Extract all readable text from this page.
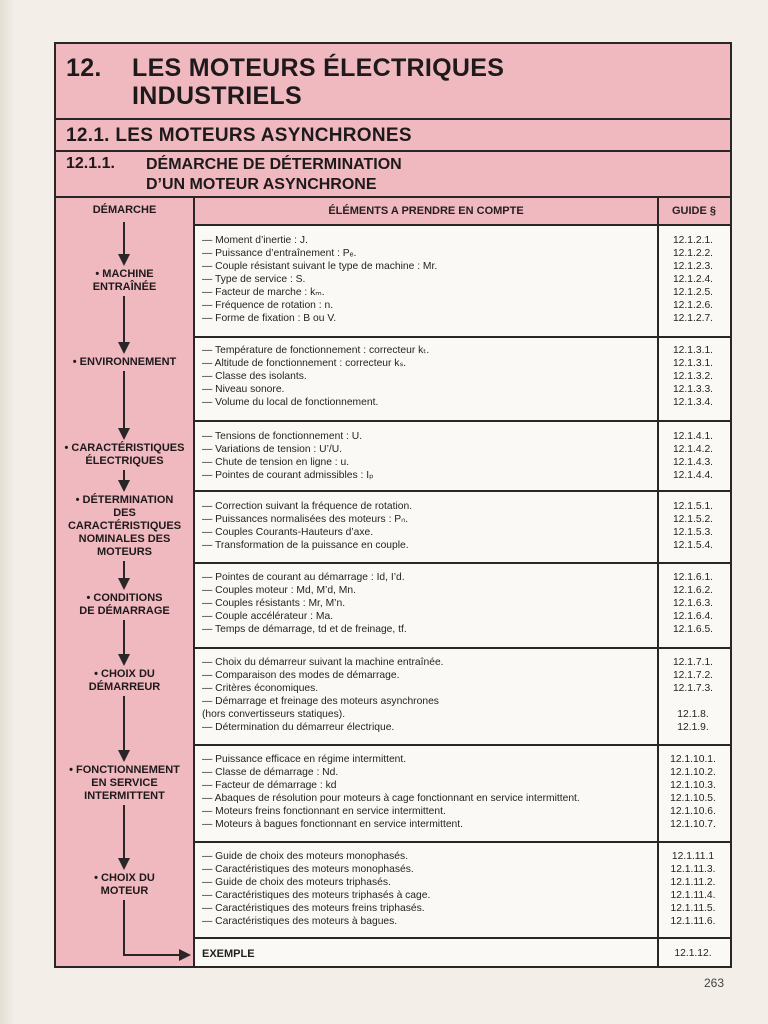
12. LES MOTEURS ÉLECTRIQUES
INDUSTRIELS
12.1. LES MOTEURS ASYNCHRONES
12.1.1. DÉMARCHE DE DÉTERMINATION
D’UN MOTEUR ASYNCHRONE
DÉMARCHE
• MACHINE
ENTRAÎNÉE
• ENVIRONNEMENT
• CARACTÉRISTIQUES
ÉLECTRIQUES
• DÉTERMINATION
DES
CARACTÉRISTIQUES
NOMINALES DES
MOTEURS
• CONDITIONS
DE DÉMARRAGE
• CHOIX DU
DÉMARREUR
• FONCTIONNEMENT
EN SERVICE
INTERMITTENT
• CHOIX DU
MOTEUR
ÉLÉMENTS A PRENDRE EN COMPTE	GUIDE §
— Moment d’inertie : J.
— Puissance d’entraînement : Pₑ.
— Couple résistant suivant le type de machine : Mr.
— Type de service : S.
— Facteur de marche : kₘ.
— Fréquence de rotation : n.
— Forme de fixation : B ou V.
12.1.2.1.
12.1.2.2.
12.1.2.3.
12.1.2.4.
12.1.2.5.
12.1.2.6.
12.1.2.7.
— Température de fonctionnement : correcteur kₜ.
— Altitude de fonctionnement : correcteur kₛ.
— Classe des isolants.
— Niveau sonore.
— Volume du local de fonctionnement.
12.1.3.1.
12.1.3.1.
12.1.3.2.
12.1.3.3.
12.1.3.4.
— Tensions de fonctionnement : U.
— Variations de tension : U’/U.
— Chute de tension en ligne : u.
— Pointes de courant admissibles : Iₚ
12.1.4.1.
12.1.4.2.
12.1.4.3.
12.1.4.4.
— Correction suivant la fréquence de rotation.
— Puissances normalisées des moteurs : Pₙ.
— Couples Courants-Hauteurs d’axe.
— Transformation de la puissance en couple.
12.1.5.1.
12.1.5.2.
12.1.5.3.
12.1.5.4.
— Pointes de courant au démarrage : Id, I’d.
— Couples moteur : Md, M’d, Mn.
— Couples résistants : Mr, M’n.
— Couple accélérateur : Ma.
— Temps de démarrage, td et de freinage, tf.
12.1.6.1.
12.1.6.2.
12.1.6.3.
12.1.6.4.
12.1.6.5.
— Choix du démarreur suivant la machine entraînée.
— Comparaison des modes de démarrage.
— Critères économiques.
— Démarrage et freinage des moteurs asynchrones
(hors convertisseurs statiques).
— Détermination du démarreur électrique.
12.1.7.1.
12.1.7.2.
12.1.7.3.
12.1.8.
12.1.9.
— Puissance efficace en régime intermittent.
— Classe de démarrage : Nd.
— Facteur de démarrage : kd
— Abaques de résolution pour moteurs à cage fonctionnant en service intermittent.
— Moteurs freins fonctionnant en service intermittent.
— Moteurs à bagues fonctionnant en service intermittent.
12.1.10.1.
12.1.10.2.
12.1.10.3.
12.1.10.5.
12.1.10.6.
12.1.10.7.
— Guide de choix des moteurs monophasés.
— Caractéristiques des moteurs monophasés.
— Guide de choix des moteurs triphasés.
— Caractéristiques des moteurs triphasés à cage.
— Caractéristiques des moteurs freins triphasés.
— Caractéristiques des moteurs à bagues.
12.1.11.1
12.1.11.3.
12.1.11.2.
12.1.11.4.
12.1.11.5.
12.1.11.6.
EXEMPLE	12.1.12.
263
